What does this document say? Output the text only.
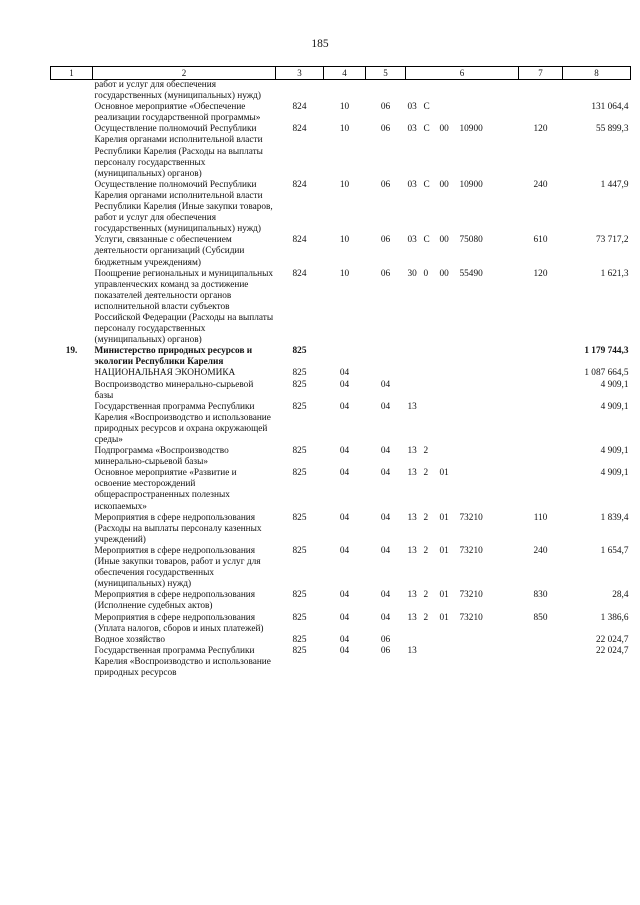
185
1	2	3	4	5	6	7	8
	работ и услуг для обеспечения государственных (муниципальных) нужд)						
	Основное мероприятие «Обеспечение реализации государственной программы»	824	10	06	03 С		131 064,4
	Осуществление полномочий Республики Карелия органами исполнительной власти Республики Карелия (Расходы на выплаты персоналу государственных (муниципальных) органов)	824	10	06	03 С 00 10900	120	55 899,3
	Осуществление полномочий Республики Карелия органами исполнительной власти Республики Карелия (Иные закупки товаров, работ и услуг для обеспечения государственных (муниципальных) нужд)	824	10	06	03 С 00 10900	240	1 447,9
	Услуги, связанные с обеспечением деятельности организаций (Субсидии бюджетным учреждениям)	824	10	06	03 С 00 75080	610	73 717,2
	Поощрение региональных и муниципальных управленческих команд за достижение показателей деятельности органов исполнительной власти субъектов Российской Федерации (Расходы на выплаты персоналу государственных (муниципальных) органов)	824	10	06	30 0 00 55490	120	1 621,3
19.	Министерство природных ресурсов и экологии Республики Карелия	825					1 179 744,3
	НАЦИОНАЛЬНАЯ ЭКОНОМИКА	825	04				1 087 664,5
	Воспроизводство минерально-сырьевой базы	825	04	04			4 909,1
	Государственная программа Республики Карелия «Воспроизводство и использование природных ресурсов и охрана окружающей среды»	825	04	04	13		4 909,1
	Подпрограмма «Воспроизводство минерально-сырьевой базы»	825	04	04	13 2		4 909,1
	Основное мероприятие «Развитие и освоение месторождений общераспространенных полезных ископаемых»	825	04	04	13 2 01		4 909,1
	Мероприятия в сфере недропользования (Расходы на выплаты персоналу казенных учреждений)	825	04	04	13 2 01 73210	110	1 839,4
	Мероприятия в сфере недропользования (Иные закупки товаров, работ и услуг для обеспечения государственных (муниципальных) нужд)	825	04	04	13 2 01 73210	240	1 654,7
	Мероприятия в сфере недропользования (Исполнение судебных актов)	825	04	04	13 2 01 73210	830	28,4
	Мероприятия в сфере недропользования (Уплата налогов, сборов и иных платежей)	825	04	04	13 2 01 73210	850	1 386,6
	Водное хозяйство	825	04	06			22 024,7
	Государственная программа Республики Карелия «Воспроизводство и использование природных ресурсов	825	04	06	13		22 024,7
